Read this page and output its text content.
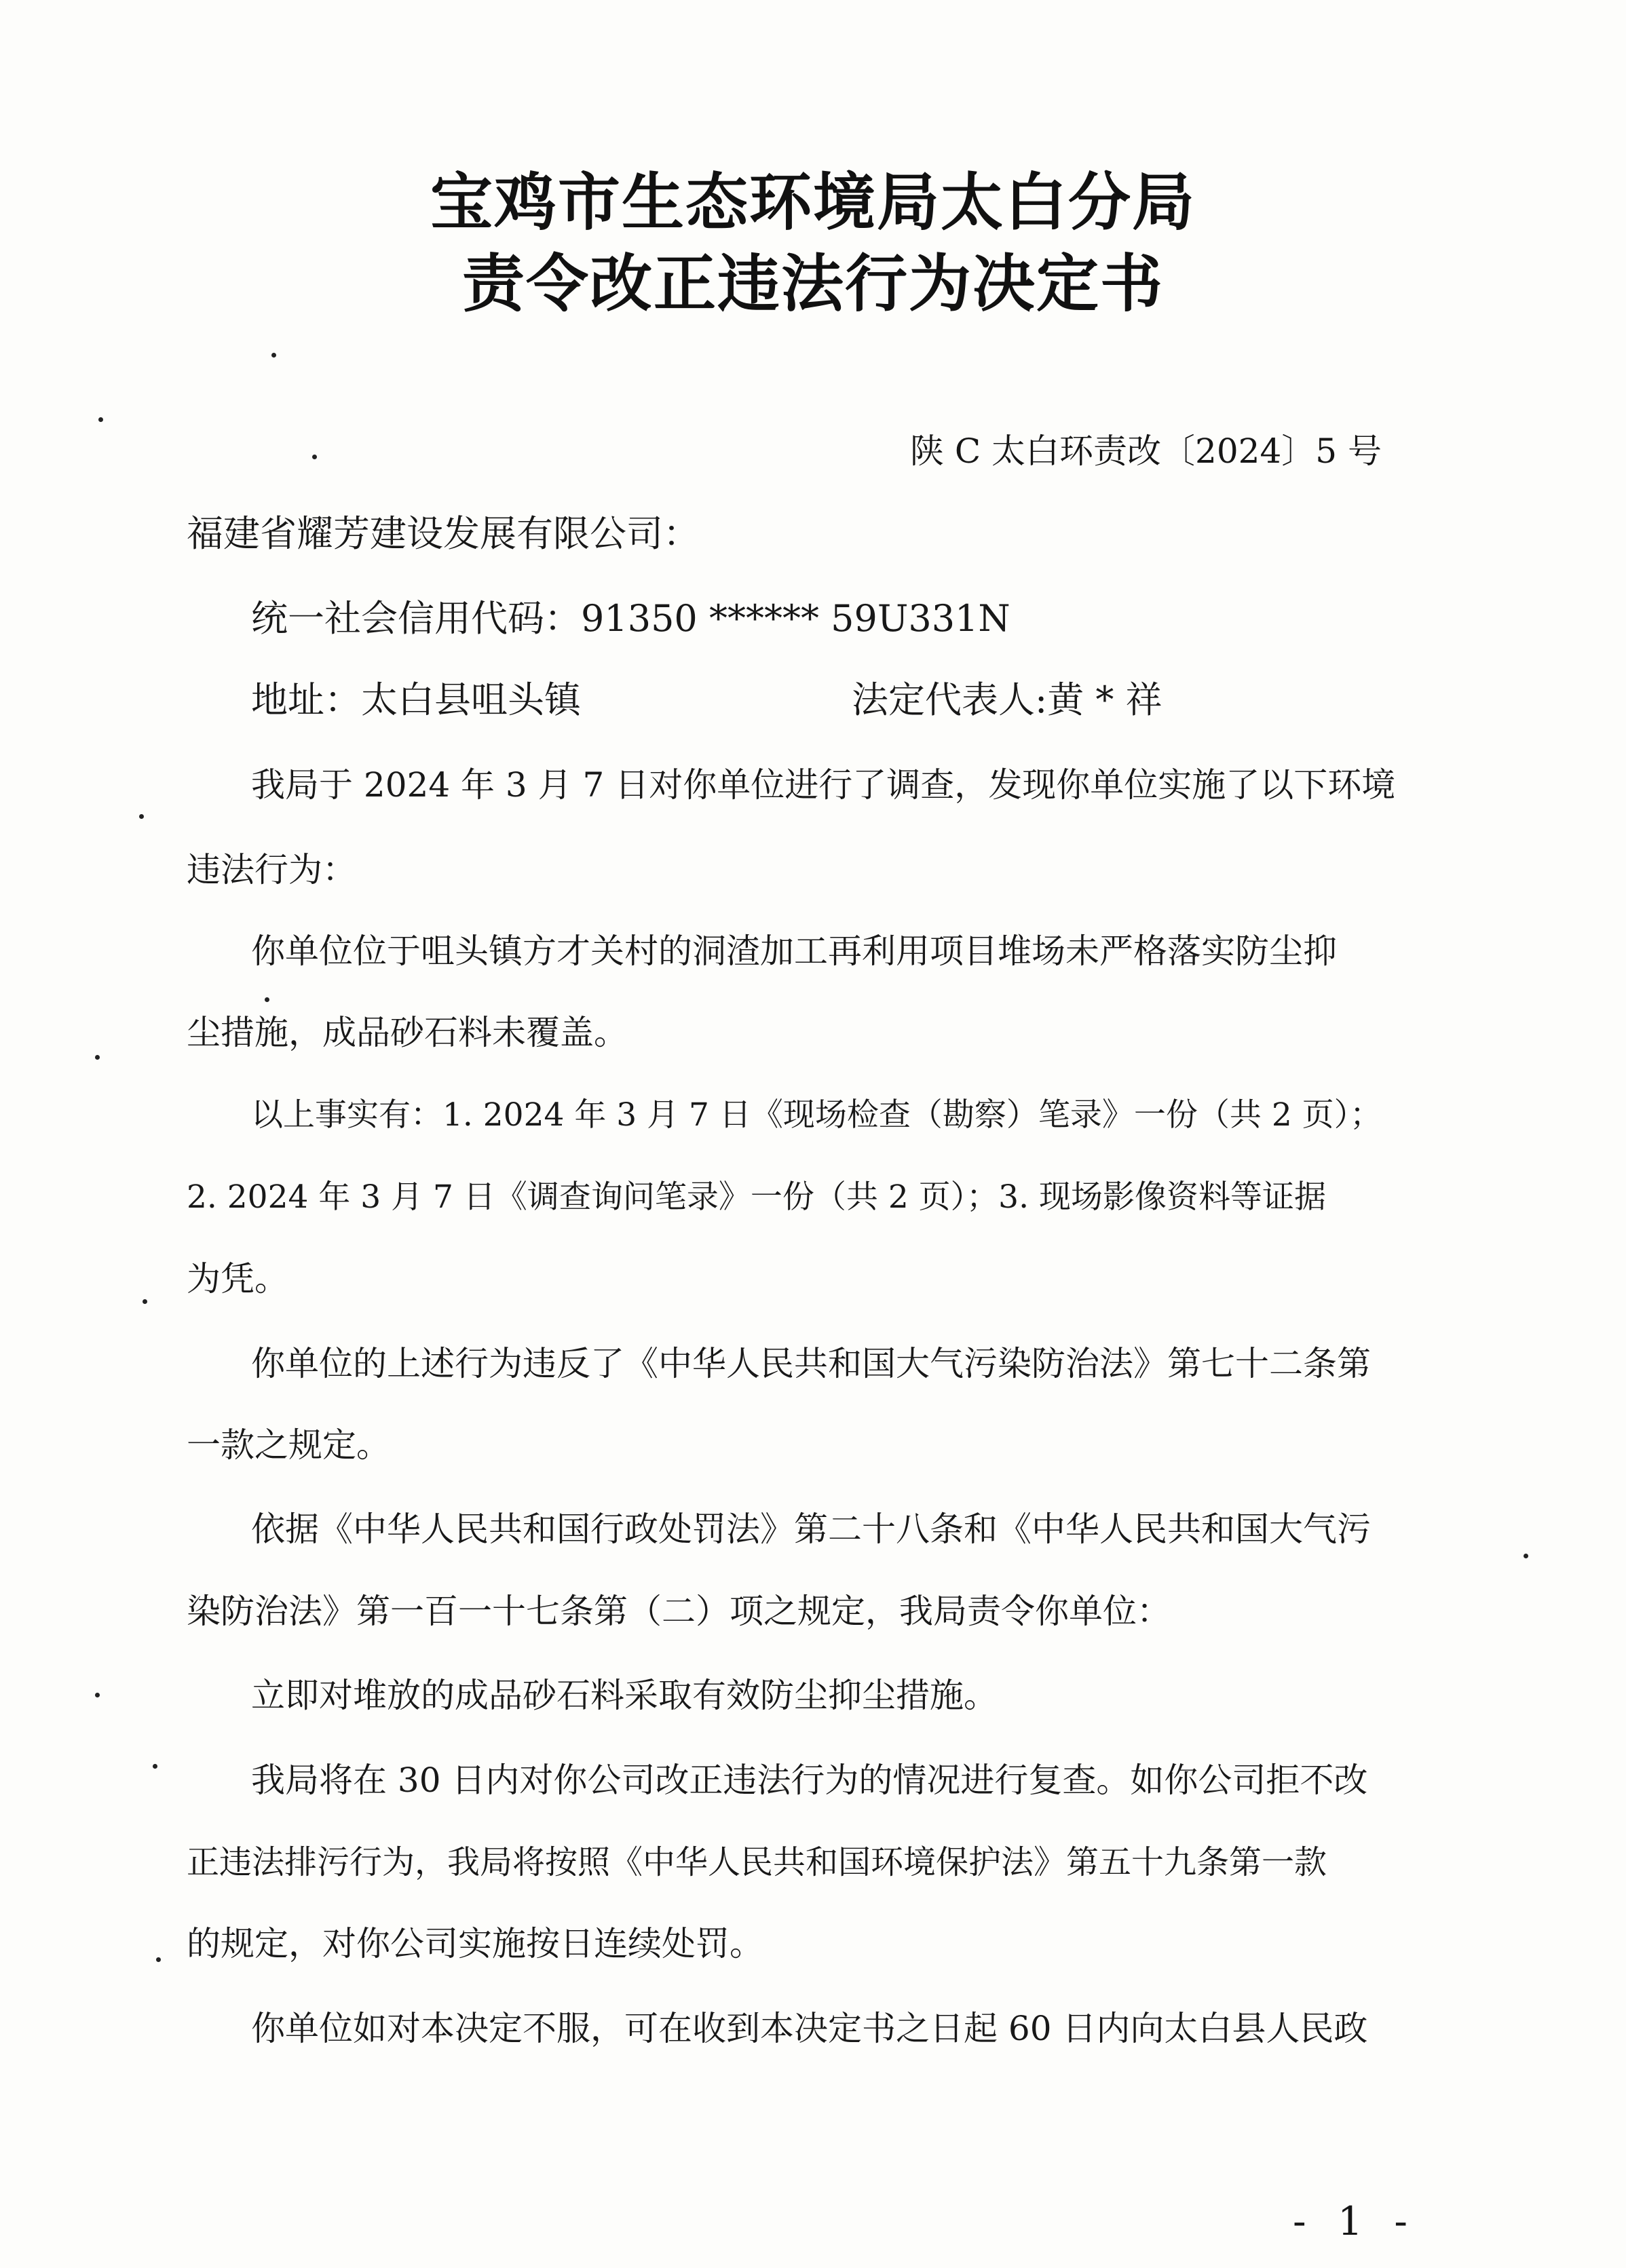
宝鸡市生态环境局太白分局
责令改正违法行为决定书
陕 C 太白环责改〔2024〕5 号
福建省耀芳建设发展有限公司：
统一社会信用代码：91350 ****** 59U331N
地址：太白县咀头镇	法定代表人:黄 * 祥
我局于 2024 年 3 月 7 日对你单位进行了调查，发现你单位实施了以下环境
违法行为：
你单位位于咀头镇方才关村的洞渣加工再利用项目堆场未严格落实防尘抑
尘措施，成品砂石料未覆盖。
以上事实有：1. 2024 年 3 月 7 日《现场检查（勘察）笔录》一份（共 2 页）；
2. 2024 年 3 月 7 日《调查询问笔录》一份（共 2 页）；3. 现场影像资料等证据
为凭。
你单位的上述行为违反了《中华人民共和国大气污染防治法》第七十二条第
一款之规定。
依据《中华人民共和国行政处罚法》第二十八条和《中华人民共和国大气污
染防治法》第一百一十七条第（二）项之规定，我局责令你单位：
立即对堆放的成品砂石料采取有效防尘抑尘措施。
我局将在 30 日内对你公司改正违法行为的情况进行复查。如你公司拒不改
正违法排污行为，我局将按照《中华人民共和国环境保护法》第五十九条第一款
的规定，对你公司实施按日连续处罚。
你单位如对本决定不服，可在收到本决定书之日起 60 日内向太白县人民政
- 1 -
